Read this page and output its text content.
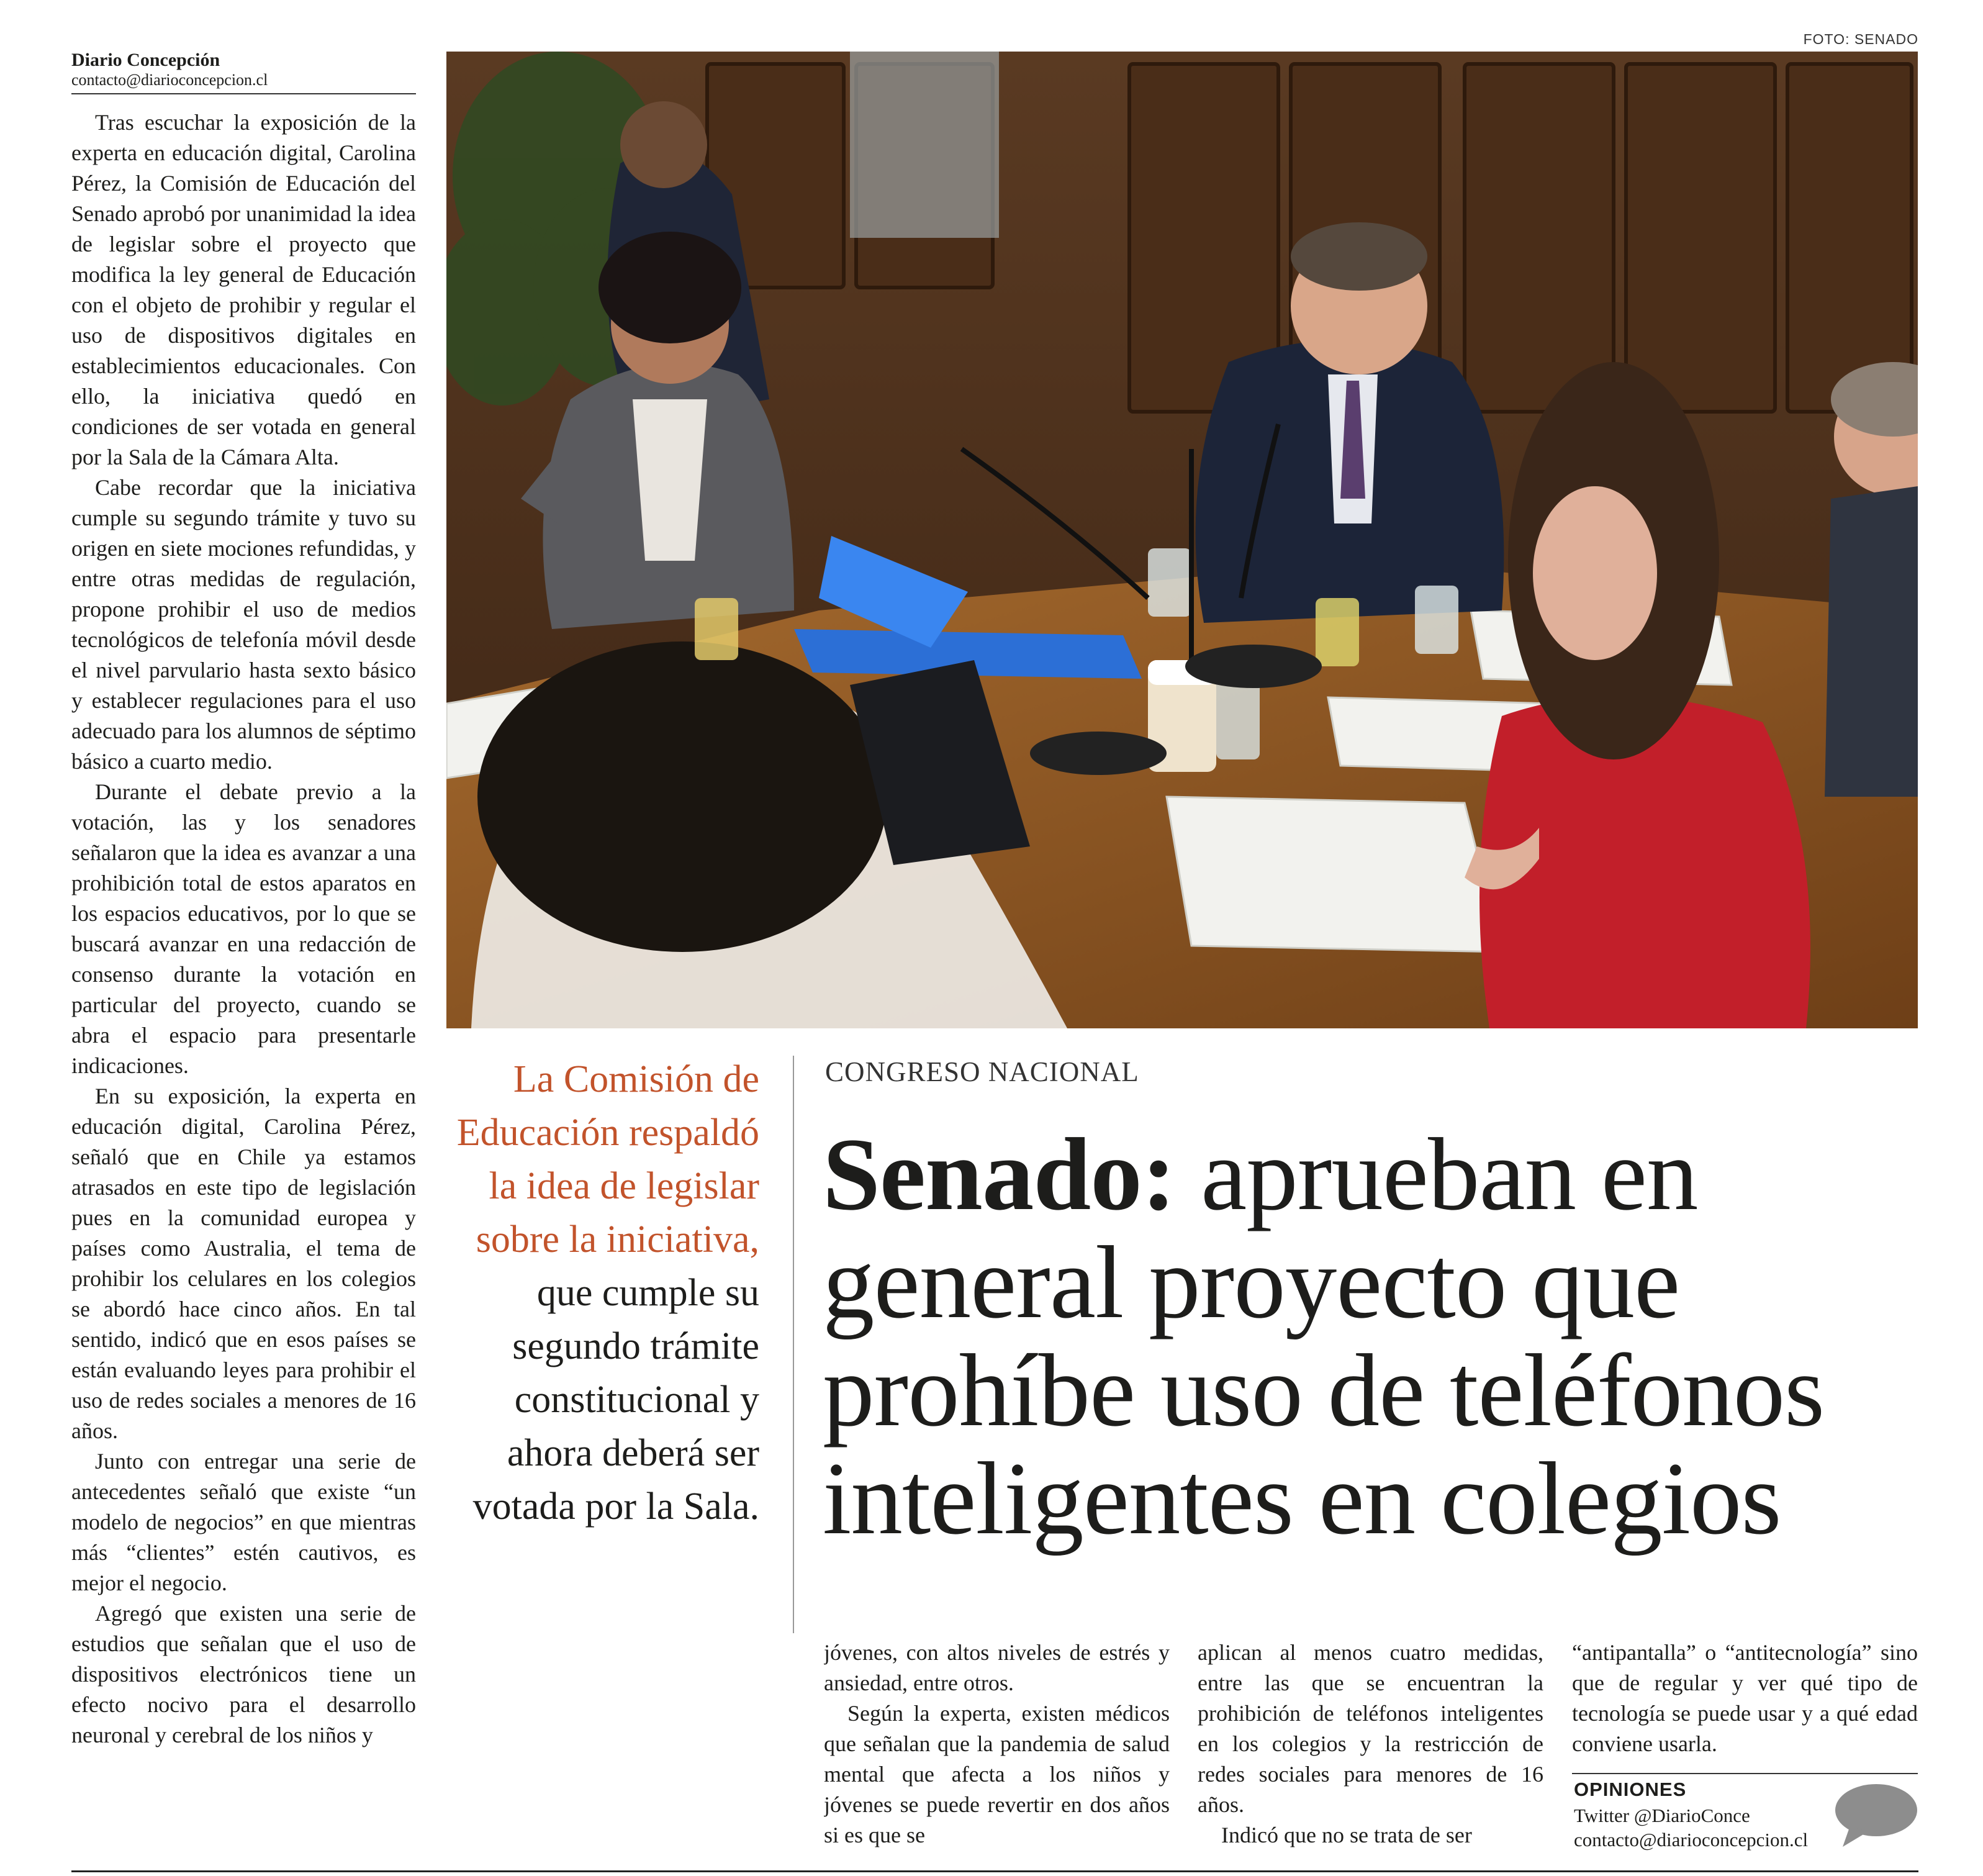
Diario Concepción
contacto@diarioconcepcion.cl

Tras escuchar la exposición de la experta en educación digital, Carolina Pérez, la Comisión de Educación del Senado aprobó por unanimidad la idea de legislar sobre el proyecto que modifica la ley general de Educación con el objeto de prohibir y regular el uso de dispositivos digitales en establecimientos educacionales. Con ello, la iniciativa quedó en condiciones de ser votada en general por la Sala de la Cámara Alta.

Cabe recordar que la iniciativa cumple su segundo trámite y tuvo su origen en siete mociones refundidas, y entre otras medidas de regulación, propone prohibir el uso de medios tecnológicos de telefonía móvil desde el nivel parvulario hasta sexto básico y establecer regulaciones para el uso adecuado para los alumnos de séptimo básico a cuarto medio.

Durante el debate previo a la votación, las y los senadores señalaron que la idea es avanzar a una prohibición total de estos aparatos en los espacios educativos, por lo que se buscará avanzar en una redacción de consenso durante la votación en particular del proyecto, cuando se abra el espacio para presentarle indicaciones.

En su exposición, la experta en educación digital, Carolina Pérez, señaló que en Chile ya estamos atrasados en este tipo de legislación pues en la comunidad europea y países como Australia, el tema de prohibir los celulares en los colegios se abordó hace cinco años. En tal sentido, indicó que en esos países se están evaluando leyes para prohibir el uso de redes sociales a menores de 16 años.

Junto con entregar una serie de antecedentes señaló que existe “un modelo de negocios” en que mientras más “clientes” estén cautivos, es mejor el negocio.

Agregó que existen una serie de estudios que señalan que el uso de dispositivos electrónicos tiene un efecto nocivo para el desarrollo neuronal y cerebral de los niños y

FOTO: SENADO
La Comisión de Educación respaldó la idea de legislar sobre la iniciativa, que cumple su segundo trámite constitucional y ahora deberá ser votada por la Sala.
CONGRESO NACIONAL
Senado: aprueban en general proyecto que prohíbe uso de teléfonos inteligentes en colegios

jóvenes, con altos niveles de estrés y ansiedad, entre otros.

Según la experta, existen médicos que señalan que la pandemia de salud mental que afecta a los niños y jóvenes se puede revertir en dos años si es que se

aplican al menos cuatro medidas, entre las que se encuentran la prohibición de teléfonos inteligentes en los colegios y la restricción de redes sociales para menores de 16 años.

Indicó que no se trata de ser

“antipantalla” o “antitecnología” sino que de regular y ver qué tipo de tecnología se puede usar y a qué edad conviene usarla.

OPINIONES
Twitter @DiarioConce
contacto@diarioconcepcion.cl
